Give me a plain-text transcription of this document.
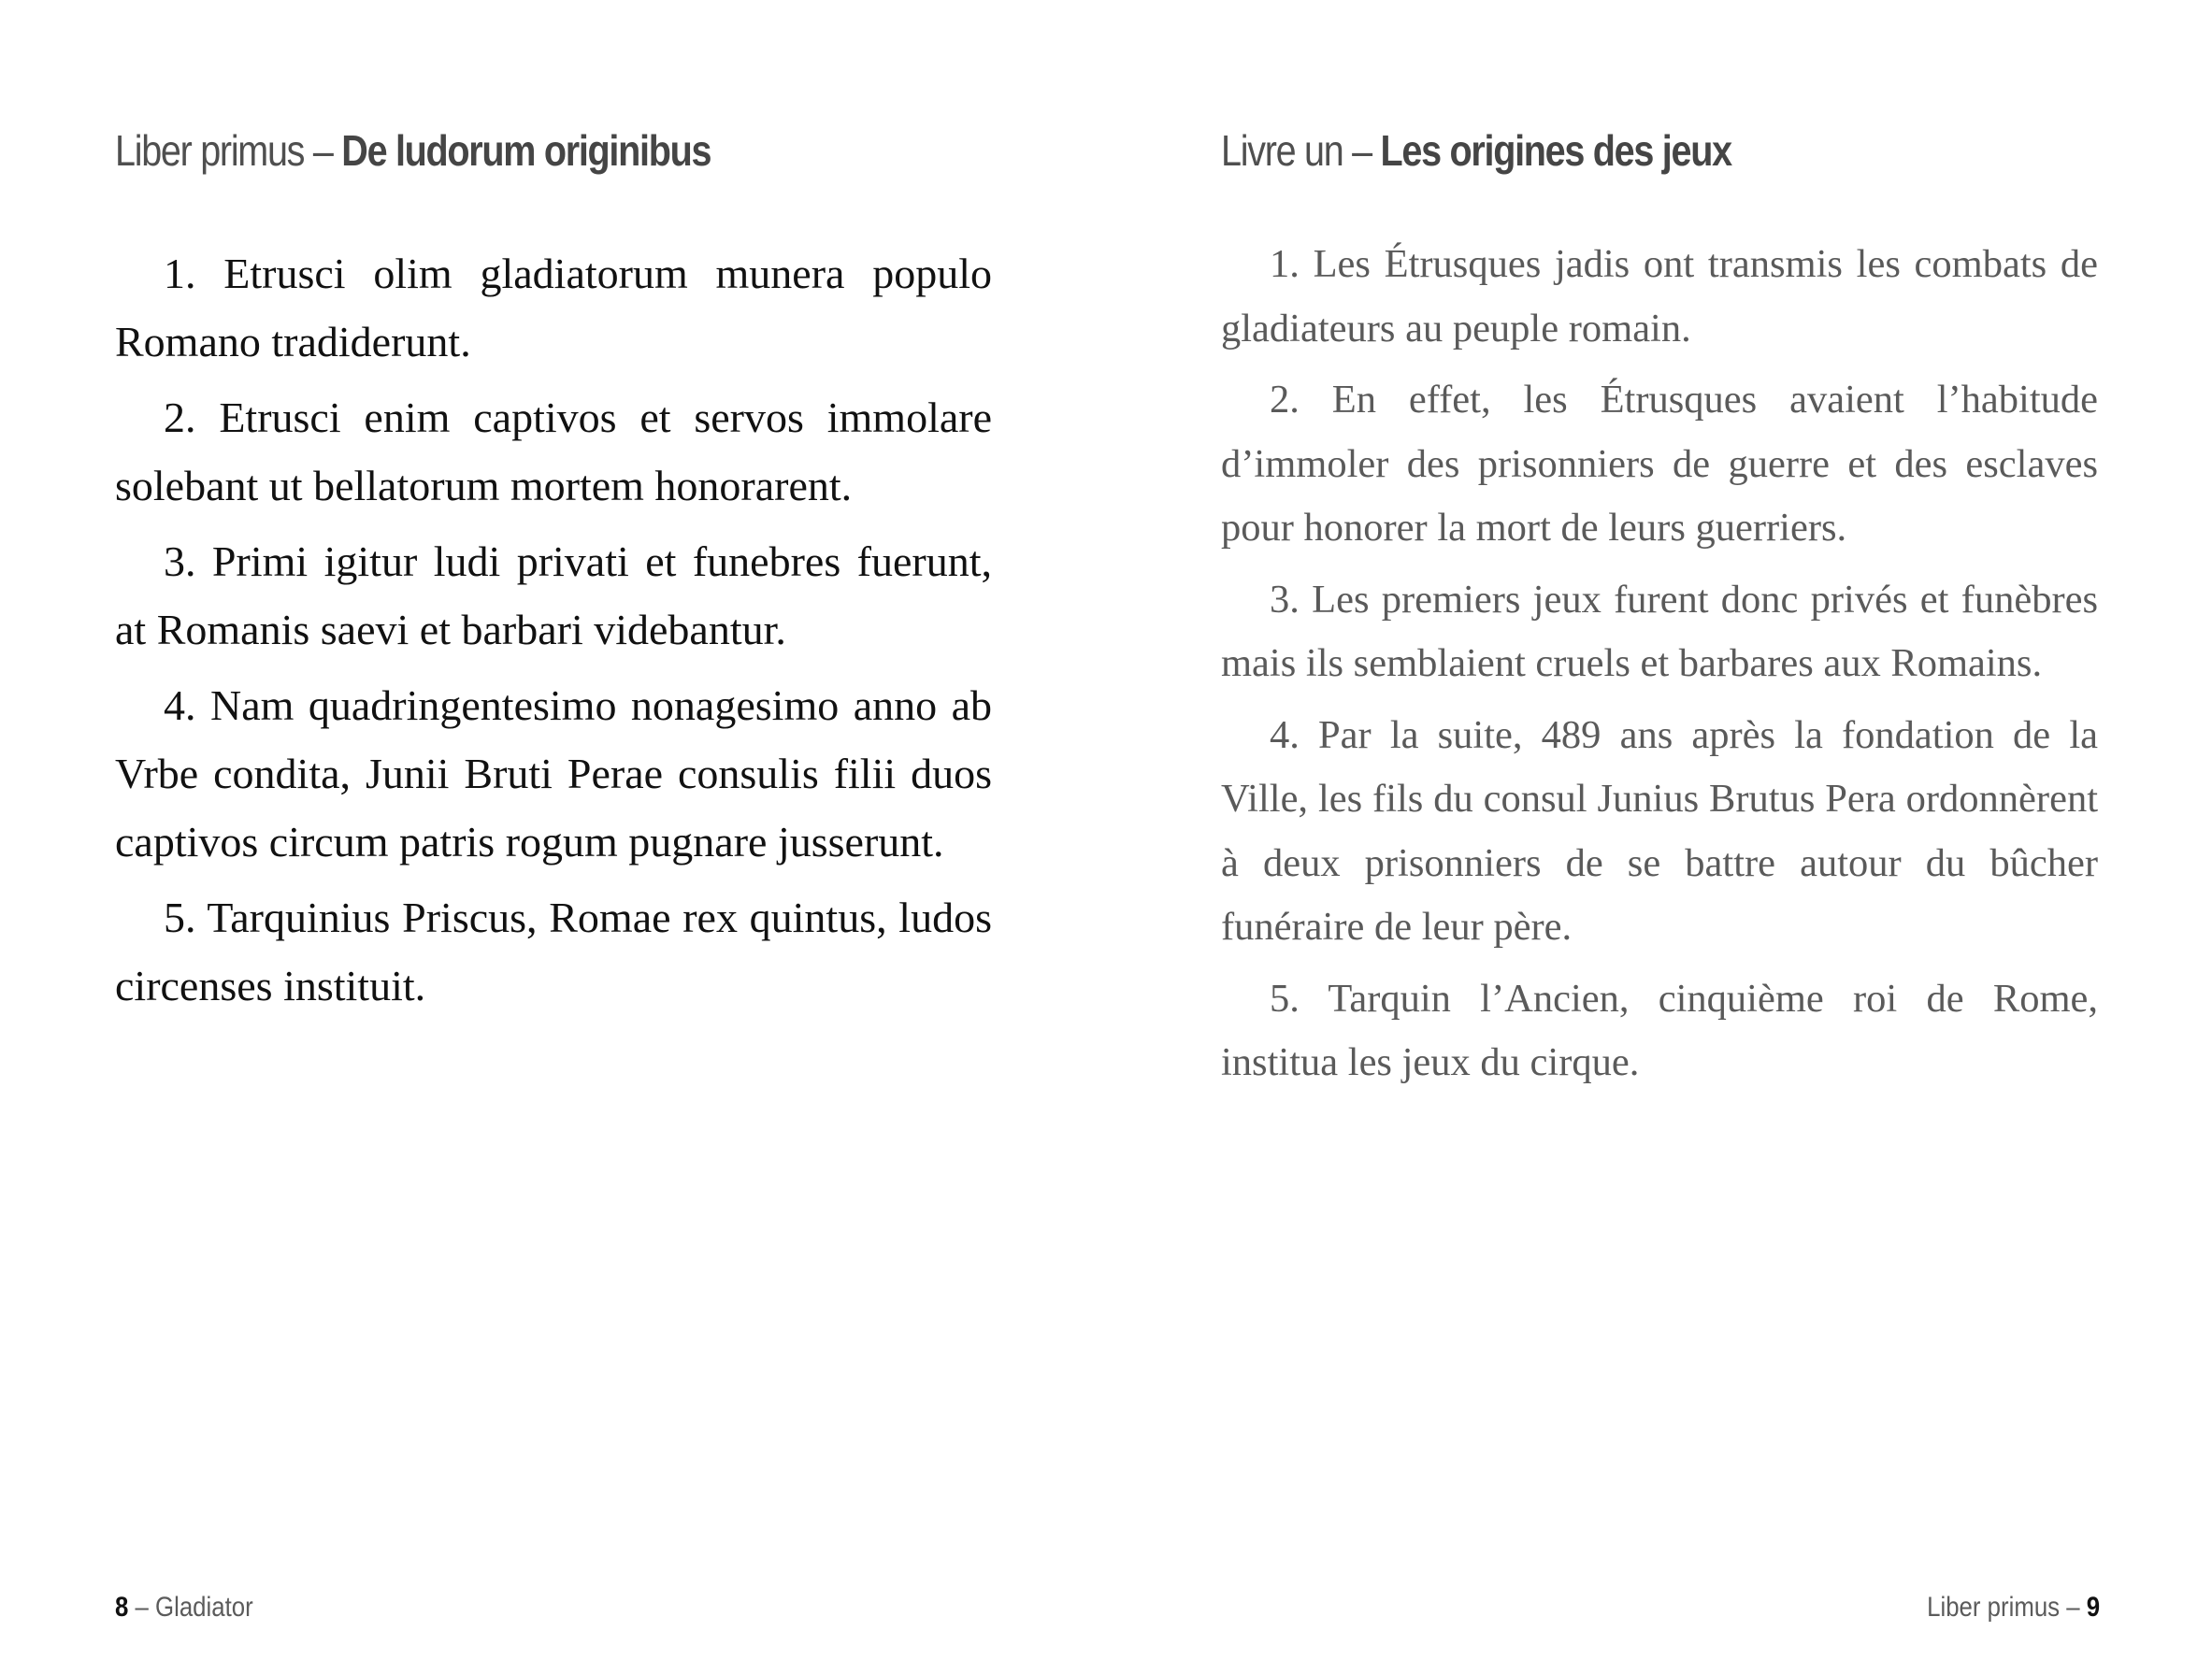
Liber primus – De ludorum originibus

1. Etrusci olim gladiatorum munera populo Romano tradiderunt.

2. Etrusci enim captivos et servos immolare solebant ut bellatorum mortem honorarent.

3. Primi igitur ludi privati et funebres fuerunt, at Romanis saevi et barbari videbantur.

4. Nam quadringentesimo nonagesimo anno ab Vrbe condita, Junii Bruti Perae consulis filii duos captivos circum patris rogum pugnare jusserunt.

5. Tarquinius Priscus, Romae rex quintus, ludos circenses instituit.

8 – Gladiator
Livre un – Les origines des jeux
Liber primus – 9

1. Les Étrusques jadis ont transmis les combats de gladiateurs au peuple romain.

2. En effet, les Étrusques avaient l’habitude d’immoler des prisonniers de guerre et des esclaves pour honorer la mort de leurs guerriers.

3. Les premiers jeux furent donc privés et funèbres mais ils semblaient cruels et barbares aux Romains.

4. Par la suite, 489 ans après la fondation de la Ville, les fils du consul Junius Brutus Pera ordonnèrent à deux prisonniers de se battre autour du bûcher funéraire de leur père.

5. Tarquin l’Ancien, cinquième roi de Rome, institua les jeux du cirque.
